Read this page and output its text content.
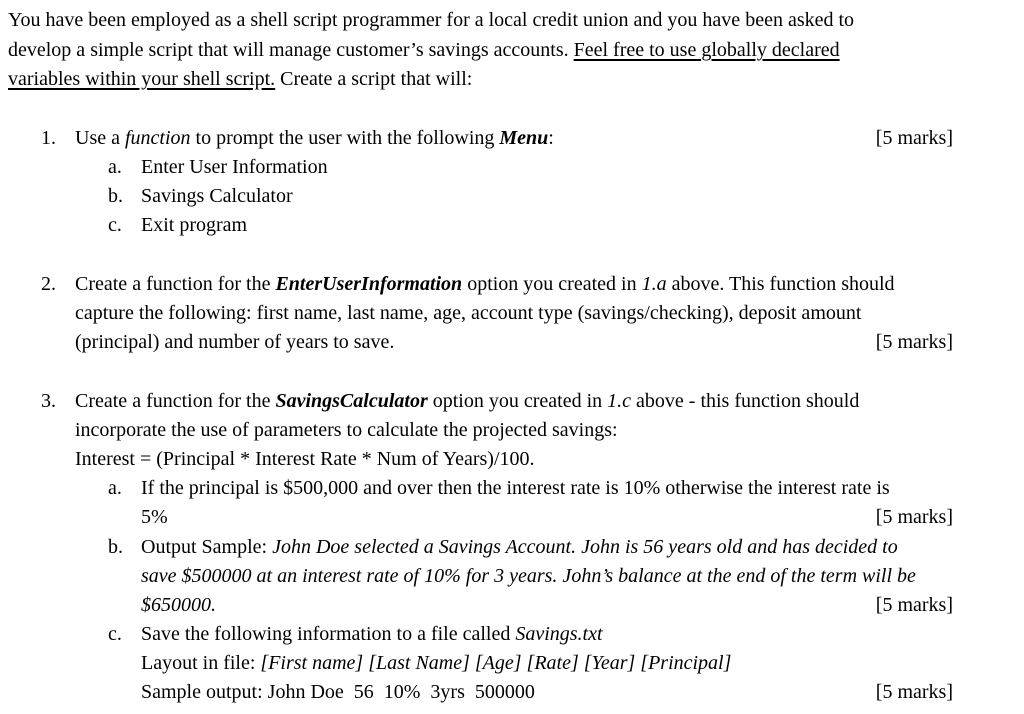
You have been employed as a shell script programmer for a local credit union and you have been asked to
develop a simple script that will manage customer’s savings accounts. Feel free to use globally declared
variables within your shell script. Create a script that will:
1. Use a function to prompt the user with the following Menu:	[5 marks]
a. Enter User Information
b. Savings Calculator
c. Exit program
2. Create a function for the EnterUserInformation option you created in 1.a above. This function should
capture the following: first name, last name, age, account type (savings/checking), deposit amount
(principal) and number of years to save.	[5 marks]
3. Create a function for the SavingsCalculator option you created in 1.c above - this function should
incorporate the use of parameters to calculate the projected savings:
Interest = (Principal * Interest Rate * Num of Years)/100.
a. If the principal is $500,000 and over then the interest rate is 10% otherwise the interest rate is
5%	[5 marks]
b. Output Sample: John Doe selected a Savings Account. John is 56 years old and has decided to
save $500000 at an interest rate of 10% for 3 years. John’s balance at the end of the term will be
$650000.	[5 marks]
c. Save the following information to a file called Savings.txt
Layout in file: [First name] [Last Name] [Age] [Rate] [Year] [Principal]
Sample output: John Doe  56  10%  3yrs  500000	[5 marks]
